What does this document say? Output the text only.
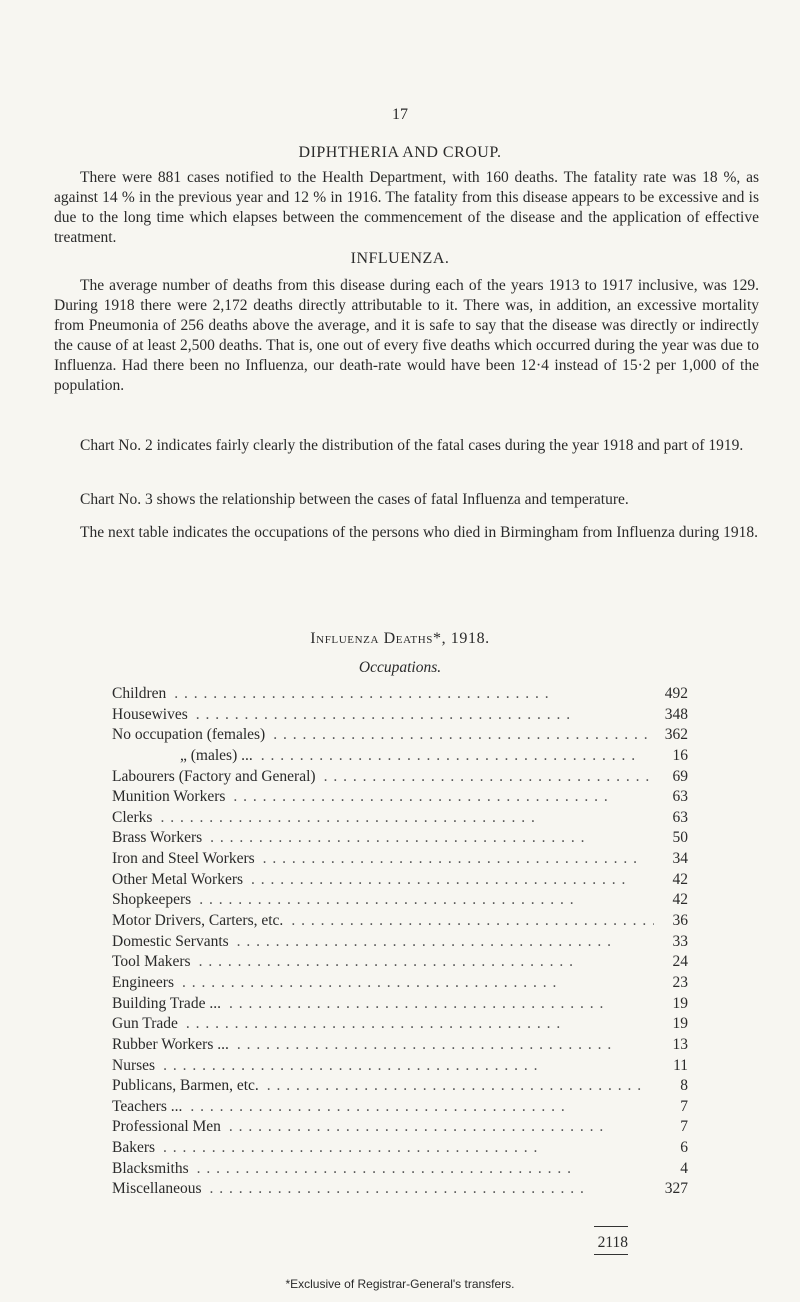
17
DIPHTHERIA AND CROUP.

There were 881 cases notified to the Health Department, with 160 deaths. The fatality rate was 18 %, as against 14 % in the previous year and 12 % in 1916. The fatality from this disease appears to be excessive and is due to the long time which elapses between the commencement of the disease and the application of effective treatment.

INFLUENZA.

The average number of deaths from this disease during each of the years 1913 to 1917 inclusive, was 129. During 1918 there were 2,172 deaths directly attributable to it. There was, in addition, an excessive mortality from Pneumonia of 256 deaths above the average, and it is safe to say that the disease was directly or indirectly the cause of at least 2,500 deaths. That is, one out of every five deaths which occurred during the year was due to Influenza. Had there been no Influenza, our death-rate would have been 12·4 instead of 15·2 per 1,000 of the population.

Chart No. 2 indicates fairly clearly the distribution of the fatal cases during the year 1918 and part of 1919.

Chart No. 3 shows the relationship between the cases of fatal Influenza and temperature.

The next table indicates the occupations of the persons who died in Birmingham from Influenza during 1918.

Influenza Deaths*, 1918.
Occupations.
Children . . .	492
Housewives . . .	348
No occupation (females) . . .	362
„ (males) ... . . .	16
Labourers (Factory and General) . . .	69
Munition Workers . . .	63
Clerks . . .	63
Brass Workers . . .	50
Iron and Steel Workers . . .	34
Other Metal Workers . . .	42
Shopkeepers . . .	42
Motor Drivers, Carters, etc. . . .	36
Domestic Servants . . .	33
Tool Makers . . .	24
Engineers . . .	23
Building Trade ... . . .	19
Gun Trade . . .	19
Rubber Workers ... . . .	13
Nurses . . .	11
Publicans, Barmen, etc. . . .	8
Teachers ... . . .	7
Professional Men . . .	7
Bakers . . .	6
Blacksmiths . . .	4
Miscellaneous . . .	327
2118
*Exclusive of Registrar-General's transfers.
